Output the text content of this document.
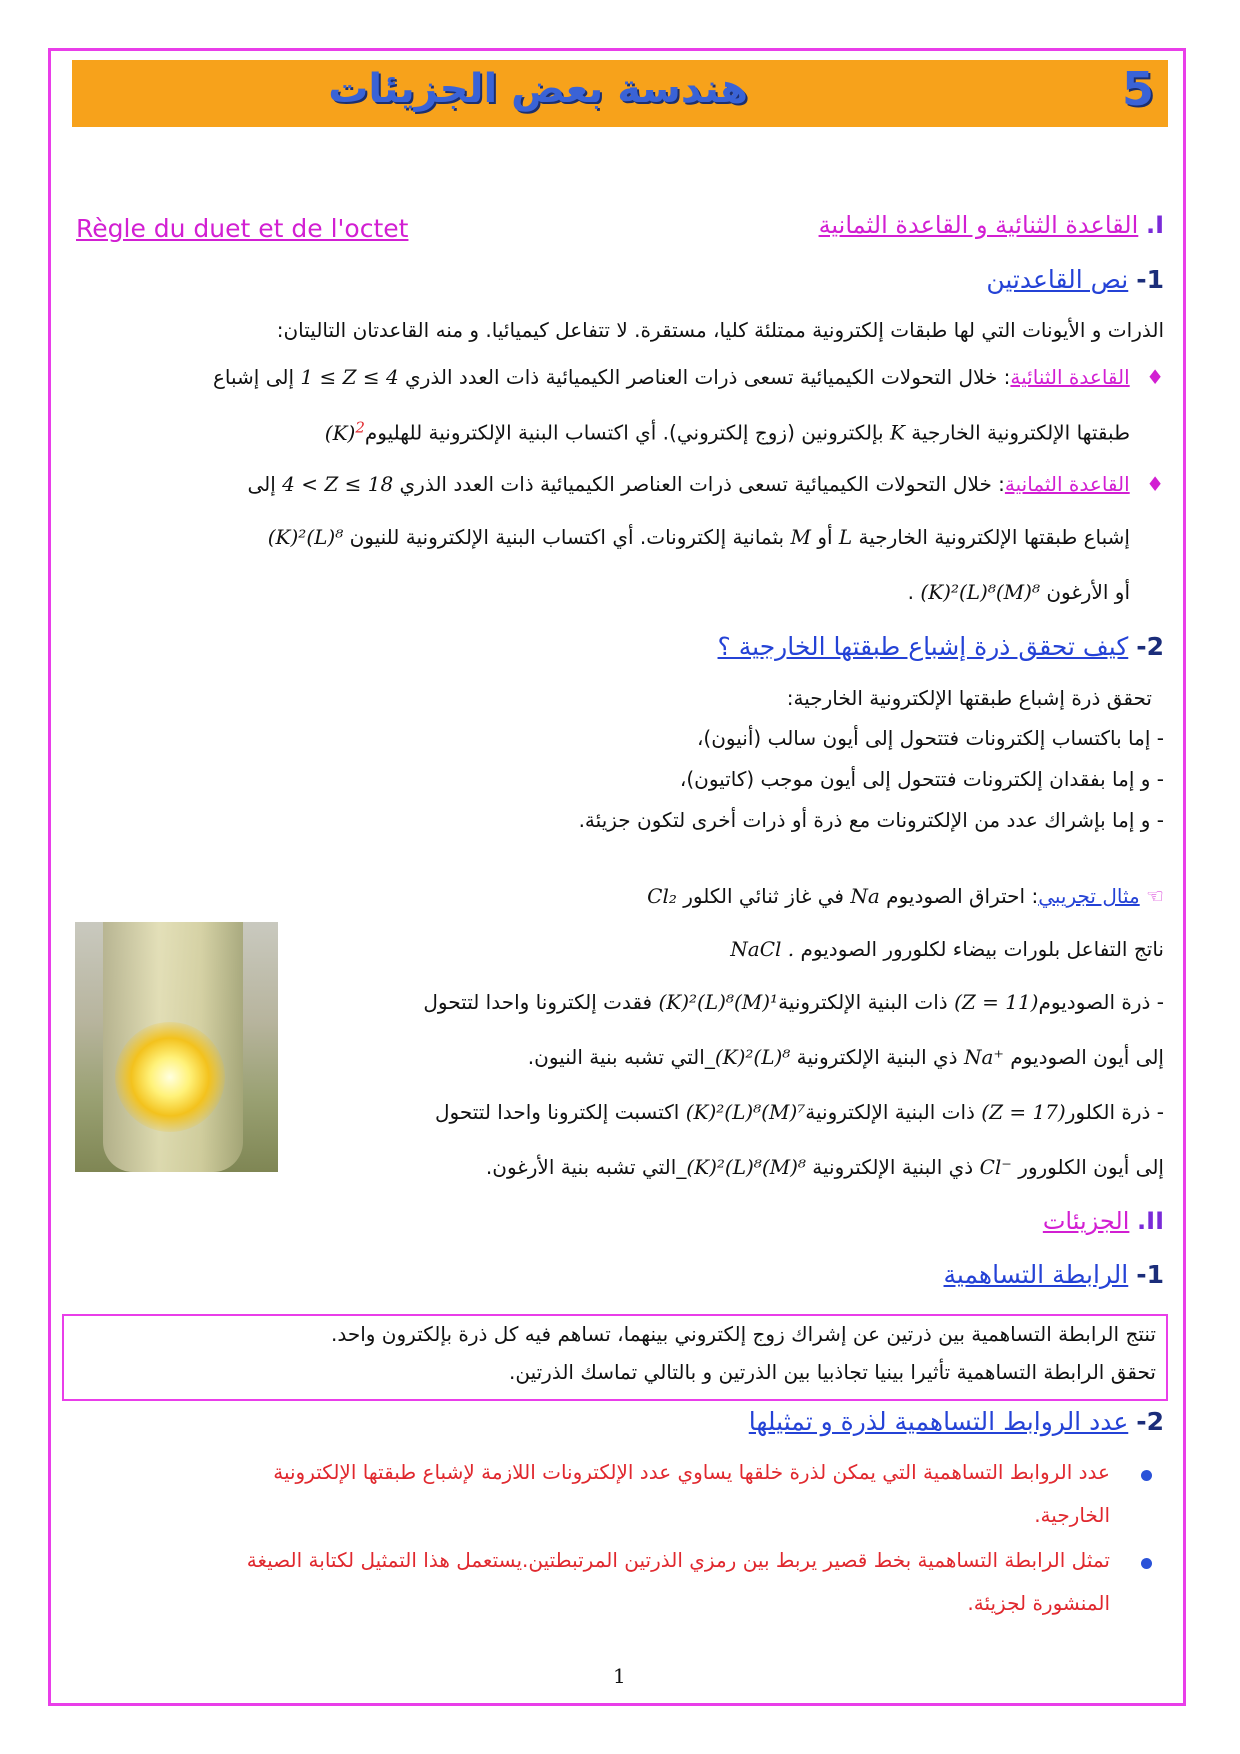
5
هندسة بعض الجزيئات
I. القاعدة الثنائية و القاعدة الثمانية
Règle du duet et de l'octet
1- نص القاعدتين
الذرات و الأيونات التي لها طبقات إلكترونية ممتلئة كليا، مستقرة. لا تتفاعل كيميائيا. و منه القاعدتان التاليتان:
♦ القاعدة الثنائية: خلال التحولات الكيميائية تسعى ذرات العناصر الكيميائية ذات العدد الذري 1 ≤ Z ≤ 4 إلى إشباع
طبقتها الإلكترونية الخارجية K بإلكترونين (زوج إلكتروني). أي اكتساب البنية الإلكترونية $للهليوم(K)^2$
♦ القاعدة الثمانية: خلال التحولات الكيميائية تسعى ذرات العناصر الكيميائية ذات العدد الذري 4 < Z ≤ 18 إلى
إشباع طبقتها الإلكترونية الخارجية L أو M بثمانية إلكترونات. أي اكتساب البنية الإلكترونية للنيون (K)²(L)⁸
أو الأرغون (K)²(L)⁸(M)⁸ .
2- كيف تحقق ذرة إشباع طبقتها الخارجية ؟
تحقق ذرة إشباع طبقتها الإلكترونية الخارجية:
- إما باكتساب إلكترونات فتتحول إلى أيون سالب (أنيون)،
- و إما بفقدان إلكترونات فتتحول إلى أيون موجب (كاتيون)،
- و إما بإشراك عدد من الإلكترونات مع ذرة أو ذرات أخرى لتكون جزيئة.
☜ مثال تجريبي: احتراق الصوديوم Na في غاز ثنائي الكلور Cl₂
ناتج التفاعل بلورات بيضاء لكلورور الصوديوم NaCl .
- ذرة الصوديوم(Z = 11) ذات البنية الإلكترونية(K)²(L)⁸(M)¹ فقدت إلكترونا واحدا لتتحول
إلى أيون الصوديوم Na⁺ ذي البنية الإلكترونية (K)²(L)⁸_التي تشبه بنية النيون.
- ذرة الكلور(Z = 17) ذات البنية الإلكترونية(K)²(L)⁸(M)⁷ اكتسبت إلكترونا واحدا لتتحول
إلى أيون الكلورور Cl⁻ ذي البنية الإلكترونية (K)²(L)⁸(M)⁸_التي تشبه بنية الأرغون.
II. الجزيئات
1- الرابطة التساهمية
تنتج الرابطة التساهمية بين ذرتين عن إشراك زوج إلكتروني بينهما، تساهم فيه كل ذرة بإلكترون واحد.
تحقق الرابطة التساهمية تأثيرا بينيا تجاذبيا بين الذرتين و بالتالي تماسك الذرتين.
2- عدد الروابط التساهمية لذرة و تمثيلها
عدد الروابط التساهمية التي يمكن لذرة خلقها يساوي عدد الإلكترونات اللازمة لإشباع طبقتها الإلكترونية
الخارجية.
تمثل الرابطة التساهمية بخط قصير يربط بين رمزي الذرتين المرتبطتين.يستعمل هذا التمثيل لكتابة الصيغة
المنشورة لجزيئة.
1
